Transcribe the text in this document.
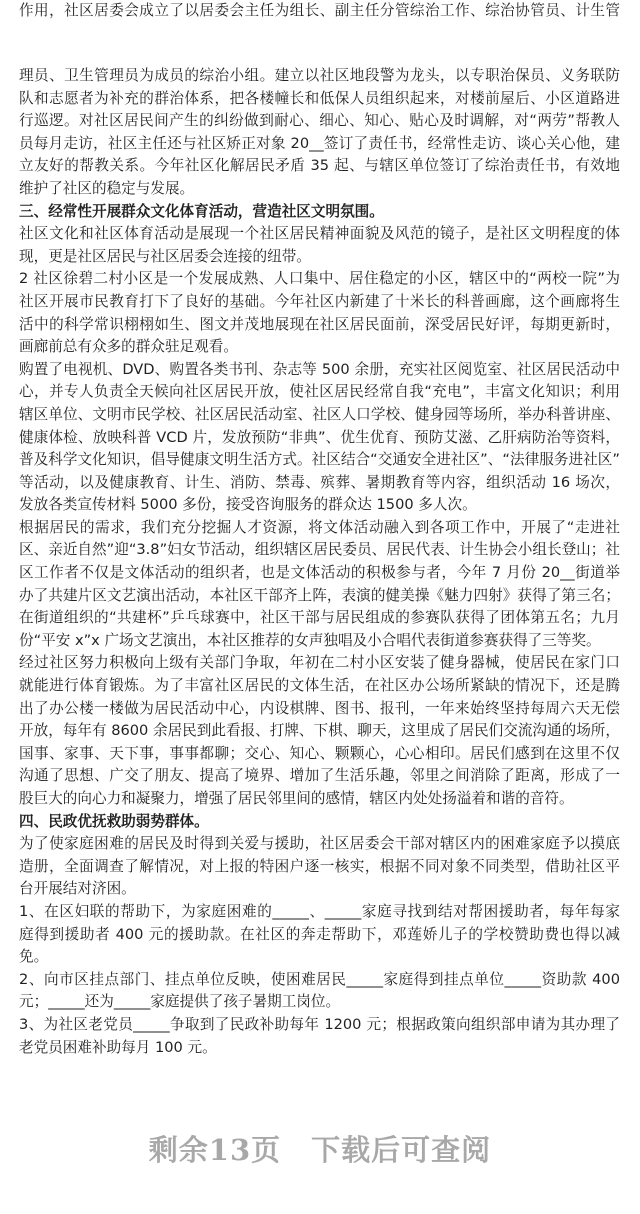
作用，社区居委会成立了以居委会主任为组长、副主任分管综治工作、综治协管员、计生管
理员、卫生管理员为成员的综治小组。建立以社区地段警为龙头，以专职治保员、义务联防
队和志愿者为补充的群治体系，把各楼幢长和低保人员组织起来，对楼前屋后、小区道路进
行巡逻。对社区居民间产生的纠纷做到耐心、细心、知心、贴心及时调解，对“两劳”帮教人
员每月走访，社区主任还与社区矫正对象 20__签订了责任书，经常性走访、谈心关心他，建
立友好的帮教关系。今年社区化解居民矛盾 35 起、与辖区单位签订了综治责任书，有效地
维护了社区的稳定与发展。
三、经常性开展群众文化体育活动，营造社区文明氛围。
社区文化和社区体育活动是展现一个社区居民精神面貌及风范的镜子，是社区文明程度的体
现，更是社区居民与社区居委会连接的纽带。
2 社区徐碧二村小区是一个发展成熟、人口集中、居住稳定的小区，辖区中的“两校一院”为
社区开展市民教育打下了良好的基础。今年社区内新建了十米长的科普画廊，这个画廊将生
活中的科学常识栩栩如生、图文并茂地展现在社区居民面前，深受居民好评，每期更新时，
画廊前总有众多的群众驻足观看。
购置了电视机、DVD、购置各类书刊、杂志等 500 余册，充实社区阅览室、社区居民活动中
心，并专人负责全天候向社区居民开放，使社区居民经常自我“充电”，丰富文化知识；利用
辖区单位、文明市民学校、社区居民活动室、社区人口学校、健身园等场所，举办科普讲座、
健康体检、放映科普 VCD 片，发放预防“非典”、优生优育、预防艾滋、乙肝病防治等资料，
普及科学文化知识，倡导健康文明生活方式。社区结合“交通安全进社区”、“法律服务进社区”
等活动，以及健康教育、计生、消防、禁毒、殡葬、暑期教育等内容，组织活动 16 场次，
发放各类宣传材料 5000 多份，接受咨询服务的群众达 1500 多人次。
根据居民的需求，我们充分挖掘人才资源，将文体活动融入到各项工作中，开展了“走进社
区、亲近自然”迎“3.8”妇女节活动，组织辖区居民委员、居民代表、计生协会小组长登山；社
区工作者不仅是文体活动的组织者，也是文体活动的积极参与者，今年 7 月份 20__街道举
办了共建片区文艺演出活动，本社区干部齐上阵，表演的健美操《魅力四射》获得了第三名；
在街道组织的“共建杯”乒乓球赛中，社区干部与居民组成的参赛队获得了团体第五名；九月
份“平安 x”x 广场文艺演出，本社区推荐的女声独唱及小合唱代表街道参赛获得了三等奖。
经过社区努力积极向上级有关部门争取，年初在二村小区安装了健身器械，使居民在家门口
就能进行体育锻炼。为了丰富社区居民的文体生活，在社区办公场所紧缺的情况下，还是腾
出了办公楼一楼做为居民活动中心，内设棋牌、图书、报刊，一年来始终坚持每周六天无偿
开放，每年有 8600 余居民到此看报、打牌、下棋、聊天，这里成了居民们交流沟通的场所，
国事、家事、天下事，事事都聊；交心、知心、颗颗心，心心相印。居民们感到在这里不仅
沟通了思想、广交了朋友、提高了境界、增加了生活乐趣，邻里之间消除了距离，形成了一
股巨大的向心力和凝聚力，增强了居民邻里间的感情，辖区内处处扬溢着和谐的音符。
四、民政优抚救助弱势群体。
为了使家庭困难的居民及时得到关爱与援助，社区居委会干部对辖区内的困难家庭予以摸底
造册，全面调查了解情况，对上报的特困户逐一核实，根据不同对象不同类型，借助社区平
台开展结对济困。
1、在区妇联的帮助下，为家庭困难的_____、_____家庭寻找到结对帮困援助者，每年每家
庭得到援助者 400 元的援助款。在社区的奔走帮助下，邓莲娇儿子的学校赞助费也得以减
免。
2、向市区挂点部门、挂点单位反映，使困难居民_____家庭得到挂点单位_____资助款 400
元；_____还为_____家庭提供了孩子暑期工岗位。
3、为社区老党员_____争取到了民政补助每年 1200 元；根据政策向组织部申请为其办理了
老党员困难补助每月 100 元。
剩余13页　 下载后可查阅
